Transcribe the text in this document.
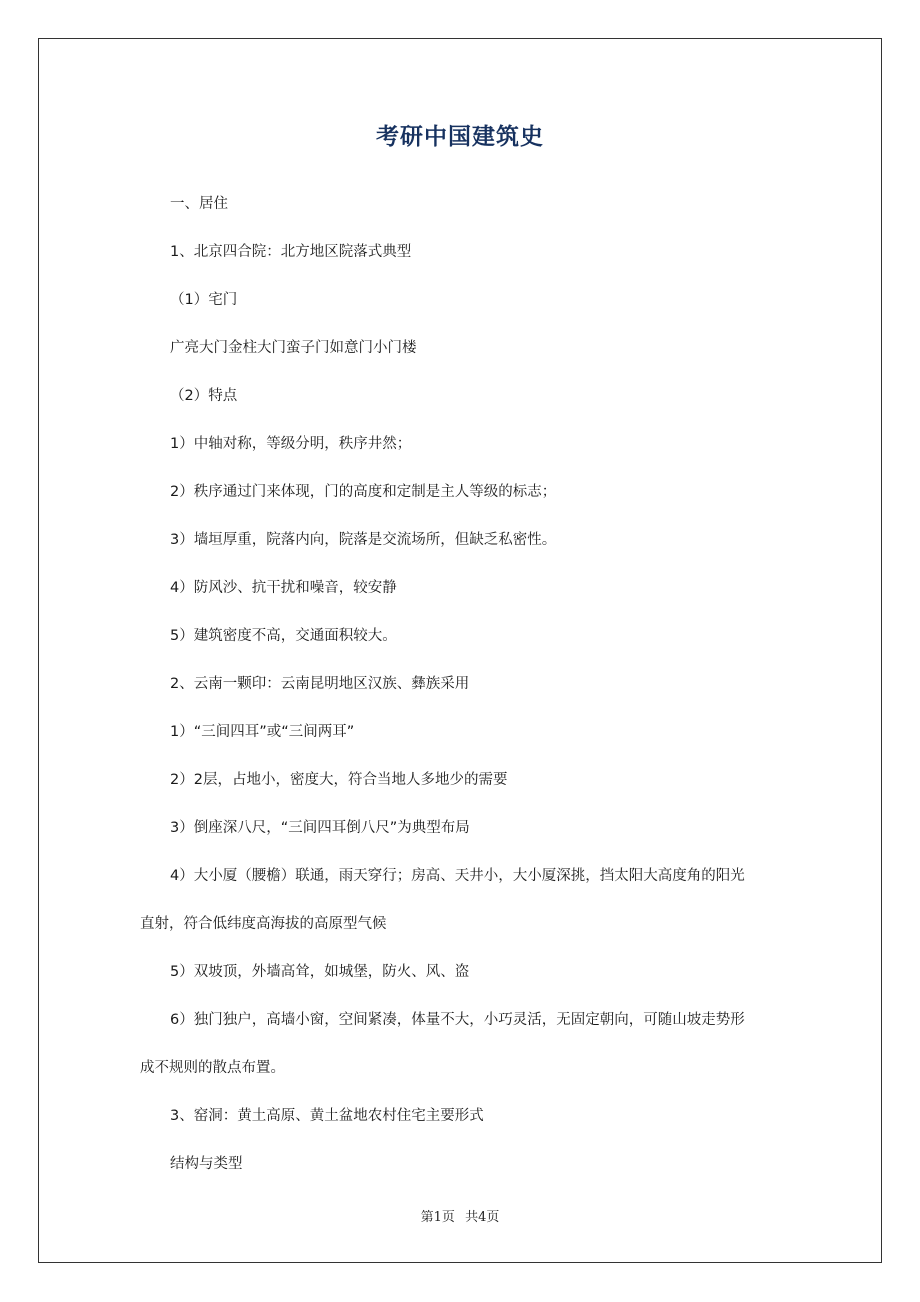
考研中国建筑史
一、居住
1、北京四合院：北方地区院落式典型
（1）宅门
广亮大门金柱大门蛮子门如意门小门楼
（2）特点
1）中轴对称，等级分明，秩序井然；
2）秩序通过门来体现，门的高度和定制是主人等级的标志；
3）墙垣厚重，院落内向，院落是交流场所，但缺乏私密性。
4）防风沙、抗干扰和噪音，较安静
5）建筑密度不高，交通面积较大。
2、云南一颗印：云南昆明地区汉族、彝族采用
1）“三间四耳”或“三间两耳”
2）2层，占地小，密度大，符合当地人多地少的需要
3）倒座深八尺，“三间四耳倒八尺”为典型布局
4）大小厦（腰檐）联通，雨天穿行；房高、天井小，大小厦深挑，挡太阳大高度角的阳光
直射，符合低纬度高海拔的高原型气候
5）双坡顶，外墙高耸，如城堡，防火、风、盗
6）独门独户，高墙小窗，空间紧凑，体量不大，小巧灵活，无固定朝向，可随山坡走势形
成不规则的散点布置。
3、窑洞：黄土高原、黄土盆地农村住宅主要形式
结构与类型
第1页 共4页
